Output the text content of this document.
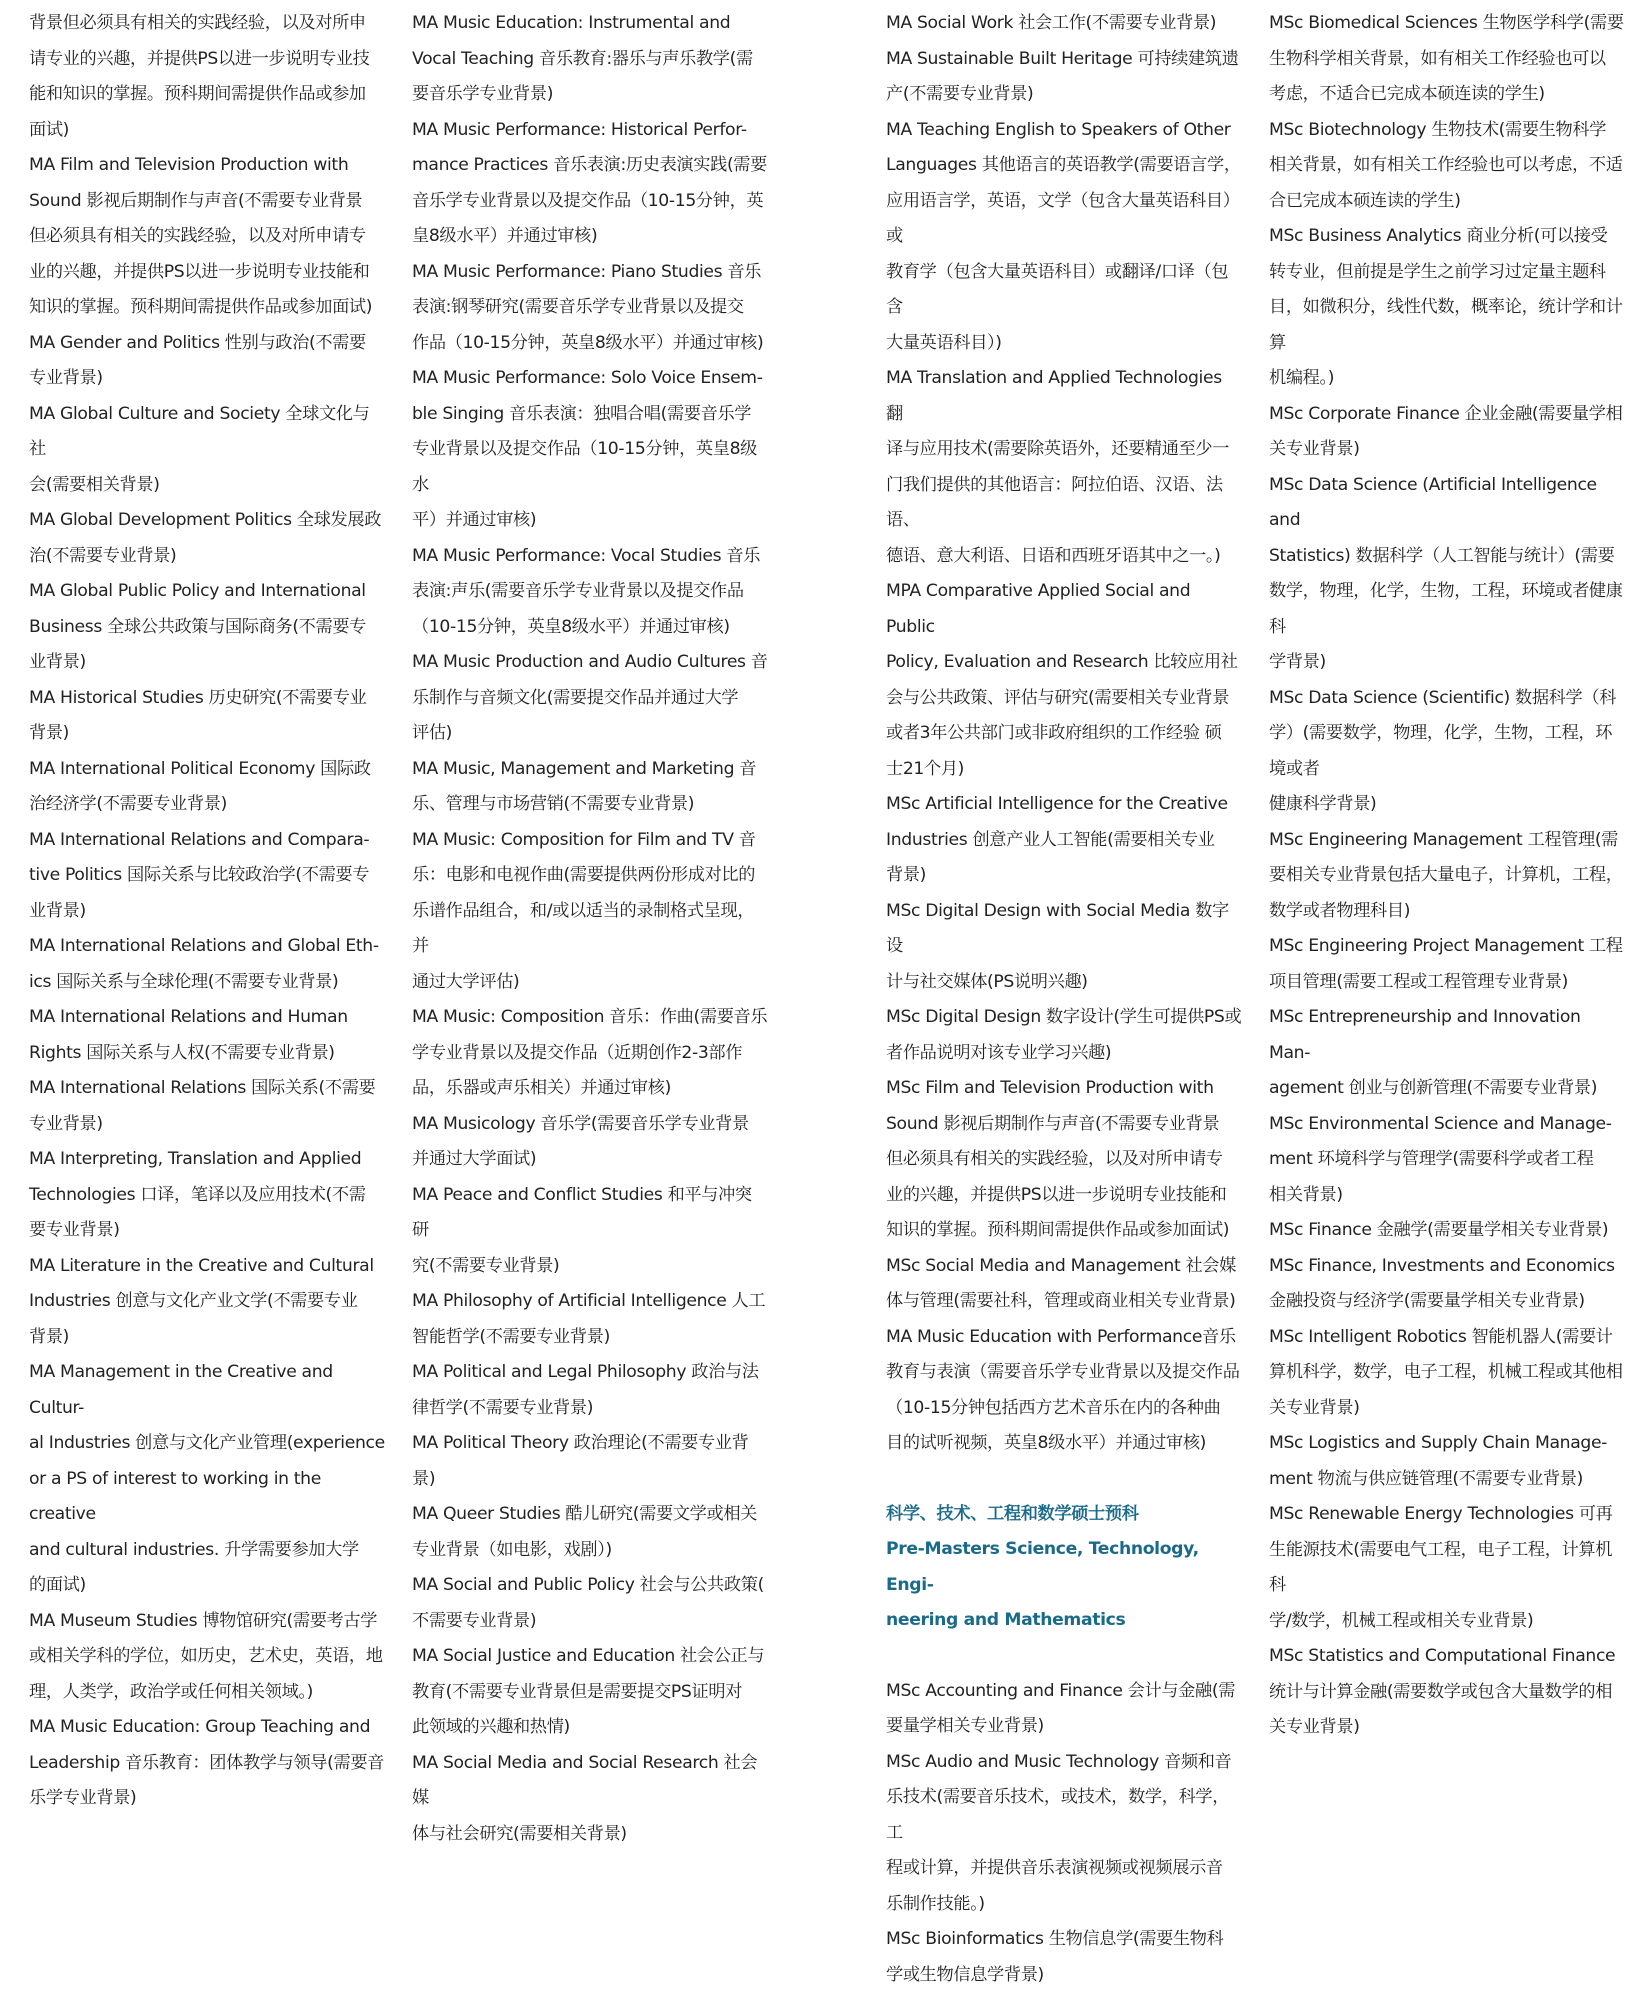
背景但必须具有相关的实践经验，以及对所申
请专业的兴趣，并提供PS以进一步说明专业技
能和知识的掌握。预科期间需提供作品或参加
面试)

MA Film and Television Production with
Sound 影视后期制作与声音(不需要专业背景
但必须具有相关的实践经验，以及对所申请专
业的兴趣，并提供PS以进一步说明专业技能和
知识的掌握。预科期间需提供作品或参加面试)

MA Gender and Politics 性别与政治(不需要
专业背景)

MA Global Culture and Society 全球文化与社
会(需要相关背景)

MA Global Development Politics 全球发展政
治(不需要专业背景)

MA Global Public Policy and International
Business 全球公共政策与国际商务(不需要专
业背景)

MA Historical Studies 历史研究(不需要专业
背景)

MA International Political Economy 国际政
治经济学(不需要专业背景)

MA International Relations and Compara-
tive Politics 国际关系与比较政治学(不需要专
业背景)

MA International Relations and Global Eth-
ics 国际关系与全球伦理(不需要专业背景)

MA International Relations and Human
Rights 国际关系与人权(不需要专业背景)

MA International Relations 国际关系(不需要
专业背景)

MA Interpreting, Translation and Applied
Technologies 口译，笔译以及应用技术(不需
要专业背景)

MA Literature in the Creative and Cultural
Industries 创意与文化产业文学(不需要专业
背景)

MA Management in the Creative and Cultur-
al Industries 创意与文化产业管理(experience
or a PS of interest to working in the creative
and cultural industries. 升学需要参加大学
的面试)

MA Museum Studies 博物馆研究(需要考古学
或相关学科的学位，如历史，艺术史，英语，地
理，人类学，政治学或任何相关领域。)

MA Music Education: Group Teaching and
Leadership 音乐教育：团体教学与领导(需要音
乐学专业背景)

MA Music Education: Instrumental and
Vocal Teaching 音乐教育:器乐与声乐教学(需
要音乐学专业背景)

MA Music Performance: Historical Perfor-
mance Practices 音乐表演:历史表演实践(需要
音乐学专业背景以及提交作品（10-15分钟，英
皇8级水平）并通过审核)

MA Music Performance: Piano Studies 音乐
表演:钢琴研究(需要音乐学专业背景以及提交
作品（10-15分钟，英皇8级水平）并通过审核)

MA Music Performance: Solo Voice Ensem-
ble Singing 音乐表演：独唱合唱(需要音乐学
专业背景以及提交作品（10-15分钟，英皇8级水
平）并通过审核)

MA Music Performance: Vocal Studies 音乐
表演:声乐(需要音乐学专业背景以及提交作品
（10-15分钟，英皇8级水平）并通过审核)

MA Music Production and Audio Cultures 音
乐制作与音频文化(需要提交作品并通过大学
评估)

MA Music, Management and Marketing 音
乐、管理与市场营销(不需要专业背景)

MA Music: Composition for Film and TV 音
乐：电影和电视作曲(需要提供两份形成对比的
乐谱作品组合，和/或以适当的录制格式呈现，并
通过大学评估)

MA Music: Composition 音乐：作曲(需要音乐
学专业背景以及提交作品（近期创作2-3部作
品，乐器或声乐相关）并通过审核)

MA Musicology 音乐学(需要音乐学专业背景
并通过大学面试)

MA Peace and Conflict Studies 和平与冲突研
究(不需要专业背景)

MA Philosophy of Artificial Intelligence 人工
智能哲学(不需要专业背景)

MA Political and Legal Philosophy 政治与法
律哲学(不需要专业背景)

MA Political Theory 政治理论(不需要专业背
景)

MA Queer Studies 酷儿研究(需要文学或相关
专业背景（如电影，戏剧）)

MA Social and Public Policy 社会与公共政策(
不需要专业背景)

MA Social Justice and Education 社会公正与
教育(不需要专业背景但是需要提交PS证明对
此领域的兴趣和热情)

MA Social Media and Social Research 社会媒
体与社会研究(需要相关背景)

MA Social Work 社会工作(不需要专业背景)

MA Sustainable Built Heritage 可持续建筑遗
产(不需要专业背景)

MA Teaching English to Speakers of Other
Languages 其他语言的英语教学(需要语言学，
应用语言学，英语，文学（包含大量英语科目）或
教育学（包含大量英语科目）或翻译/口译（包含
大量英语科目）)

MA Translation and Applied Technologies 翻
译与应用技术(需要除英语外，还要精通至少一
门我们提供的其他语言：阿拉伯语、汉语、法语、
德语、意大利语、日语和西班牙语其中之一。)

MPA Comparative Applied Social and Public
Policy, Evaluation and Research 比较应用社
会与公共政策、评估与研究(需要相关专业背景
或者3年公共部门或非政府组织的工作经验 硕
士21个月)

MSc Artificial Intelligence for the Creative
Industries 创意产业人工智能(需要相关专业
背景)

MSc Digital Design with Social Media 数字设
计与社交媒体(PS说明兴趣)

MSc Digital Design 数字设计(学生可提供PS或
者作品说明对该专业学习兴趣)

MSc Film and Television Production with
Sound 影视后期制作与声音(不需要专业背景
但必须具有相关的实践经验，以及对所申请专
业的兴趣，并提供PS以进一步说明专业技能和
知识的掌握。预科期间需提供作品或参加面试)

MSc Social Media and Management 社会媒
体与管理(需要社科，管理或商业相关专业背景)

MA Music Education with Performance音乐
教育与表演（需要音乐学专业背景以及提交作品
（10-15分钟包括西方艺术音乐在内的各种曲
目的试听视频，英皇8级水平）并通过审核)

科学、技术、工程和数学硕士预科
Pre-Masters Science, Technology, Engi-
neering and Mathematics

MSc Accounting and Finance 会计与金融(需
要量学相关专业背景)

MSc Audio and Music Technology 音频和音
乐技术(需要音乐技术，或技术，数学，科学，工
程或计算，并提供音乐表演视频或视频展示音
乐制作技能。)

MSc Bioinformatics 生物信息学(需要生物科
学或生物信息学背景)

MSc Biomedical Sciences 生物医学科学(需要
生物科学相关背景，如有相关工作经验也可以
考虑，不适合已完成本硕连读的学生)

MSc Biotechnology 生物技术(需要生物科学
相关背景，如有相关工作经验也可以考虑，不适
合已完成本硕连读的学生)

MSc Business Analytics 商业分析(可以接受
转专业，但前提是学生之前学习过定量主题科
目，如微积分，线性代数，概率论，统计学和计算
机编程。)

MSc Corporate Finance 企业金融(需要量学相
关专业背景)

MSc Data Science (Artificial Intelligence and
Statistics) 数据科学（人工智能与统计）(需要
数学，物理，化学，生物，工程，环境或者健康科
学背景)

MSc Data Science (Scientific) 数据科学（科
学）(需要数学，物理，化学，生物，工程，环境或者
健康科学背景)

MSc Engineering Management 工程管理(需
要相关专业背景包括大量电子，计算机，工程，
数学或者物理科目)

MSc Engineering Project Management 工程
项目管理(需要工程或工程管理专业背景)

MSc Entrepreneurship and Innovation Man-
agement 创业与创新管理(不需要专业背景)

MSc Environmental Science and Manage-
ment 环境科学与管理学(需要科学或者工程
相关背景)

MSc Finance 金融学(需要量学相关专业背景)

MSc Finance, Investments and Economics
金融投资与经济学(需要量学相关专业背景)

MSc Intelligent Robotics 智能机器人(需要计
算机科学，数学，电子工程，机械工程或其他相
关专业背景)

MSc Logistics and Supply Chain Manage-
ment 物流与供应链管理(不需要专业背景)

MSc Renewable Energy Technologies 可再
生能源技术(需要电气工程，电子工程，计算机科
学/数学，机械工程或相关专业背景)

MSc Statistics and Computational Finance
统计与计算金融(需要数学或包含大量数学的相
关专业背景)
